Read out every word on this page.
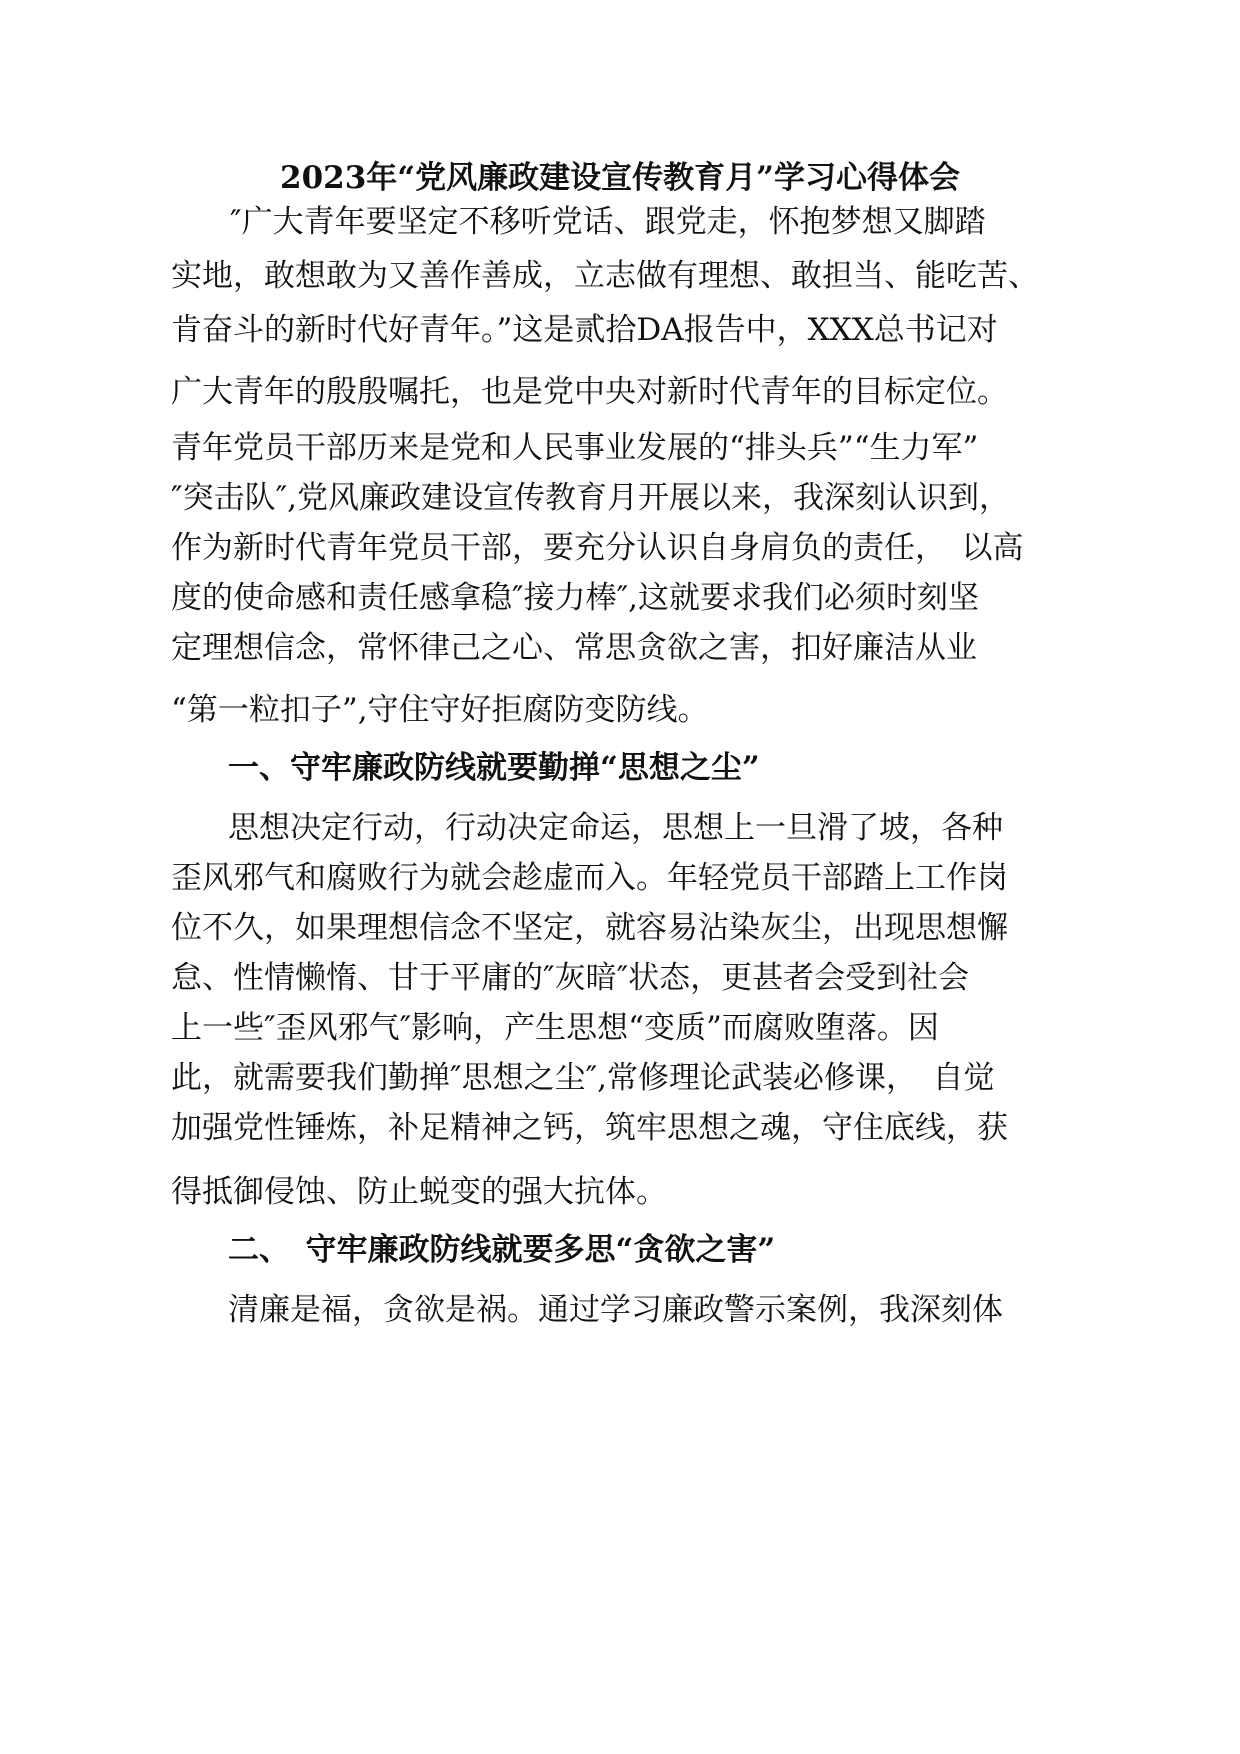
2023年“党风廉政建设宣传教育月”学习心得体会
″广大青年要坚定不移听党话、跟党走，怀抱梦想又脚踏
实地，敢想敢为又善作善成，立志做有理想、敢担当、能吃苦、
肯奋斗的新时代好青年。”这是贰拾DA报告中，XXX总书记对
广大青年的殷殷嘱托，也是党中央对新时代青年的目标定位。
青年党员干部历来是党和人民事业发展的“排头兵”“生力军”
″突击队″,党风廉政建设宣传教育月开展以来，我深刻认识到，
作为新时代青年党员干部，要充分认识自身肩负的责任，　以高
度的使命感和责任感拿稳″接力棒″,这就要求我们必须时刻坚
定理想信念，常怀律己之心、常思贪欲之害，扣好廉洁从业
“第一粒扣子”,守住守好拒腐防变防线。
一、守牢廉政防线就要勤掸“思想之尘”
思想决定行动，行动决定命运，思想上一旦滑了坡，各种
歪风邪气和腐败行为就会趁虚而入。年轻党员干部踏上工作岗
位不久，如果理想信念不坚定，就容易沾染灰尘，出现思想懈
怠、性情懒惰、甘于平庸的″灰暗″状态，更甚者会受到社会
上一些″歪风邪气″影响，产生思想“变质”而腐败堕落。因
此，就需要我们勤掸″思想之尘″,常修理论武装必修课，　自觉
加强党性锤炼，补足精神之钙，筑牢思想之魂，守住底线，获
得抵御侵蚀、防止蜕变的强大抗体。
二、　守牢廉政防线就要多思“贪欲之害”
清廉是福，贪欲是祸。通过学习廉政警示案例，我深刻体
